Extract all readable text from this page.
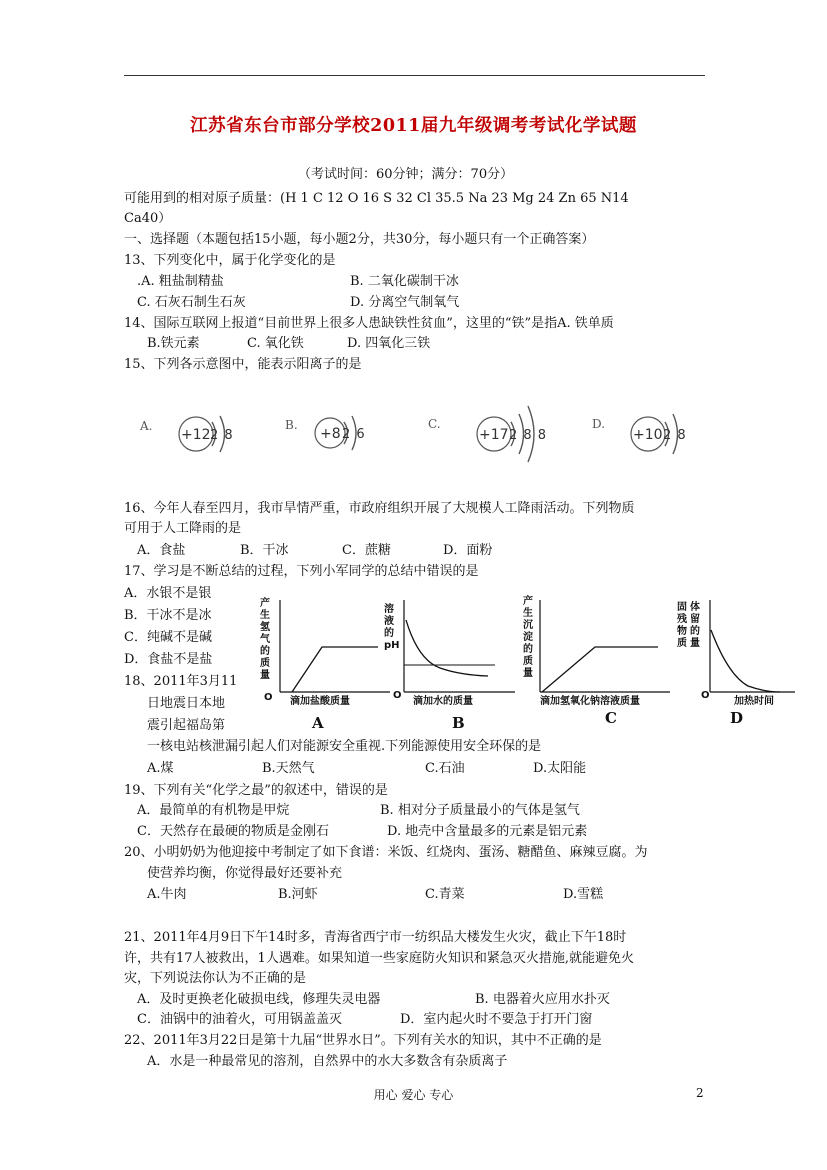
江苏省东台市部分学校2011届九年级调考考试化学试题
（考试时间：60分钟；满分：70分）
可能用到的相对原子质量：(H 1 C 12 O 16 S 32 Cl 35.5 Na 23 Mg 24 Zn 65 N14
Ca40）
一、选择题（本题包括15小题，每小题2分，共30分，每小题只有一个正确答案）
13、下列变化中，属于化学变化的是
.A. 粗盐制精盐	B. 二氧化碳制干冰
C. 石灰石制生石灰	D. 分离空气制氧气
14、国际互联网上报道“目前世界上很多人患缺铁性贫血”，这里的“铁”是指A. 铁单质
B.铁元素	C. 氧化铁	D. 四氧化三铁
15、下列各示意图中，能表示阳离子的是
A.
+12 2 8
B.
+8 2 6
C.
+17 2 8 8
D.
+10 2 8
16、今年人春至四月，我市旱情严重，市政府组织开展了大规模人工降雨活动。下列物质
可用于人工降雨的是
A．食盐	B．干冰	C．蔗糖	D．面粉
17、学习是不断总结的过程，下列小军同学的总结中错误的是
A．水银不是银
B．干冰不是冰
C．纯碱不是碱
D．食盐不是盐
18、2011年3月11
日地震日本地
震引起福岛第
一核电站核泄漏引起人们对能源安全重视.下列能源使用安全环保的是
A.煤	B.天然气	C.石油	D.太阳能
产
生
氢
气
的
质
量
O 滴加盐酸质量
A
溶
液
的
pH
O
滴加水的质量
B
产
生
沉
淀
的
质
量
滴加氢氧化钠溶液质量
C
固
残
物
质
体
留
的
量
O
加热时间
D
19、下列有关“化学之最”的叙述中，错误的是
A．最简单的有机物是甲烷	B. 相对分子质量最小的气体是氢气
C．天然存在最硬的物质是金刚石	D. 地壳中含量最多的元素是铝元素
20、小明奶奶为他迎接中考制定了如下食谱：米饭、红烧肉、蛋汤、糖醋鱼、麻辣豆腐。为
使营养均衡，你觉得最好还要补充
A.牛肉	B.河虾	C.青菜	D.雪糕
21、2011年4月9日下午14时多，青海省西宁市一纺织品大楼发生火灾，截止下午18时
许，共有17人被救出，1人遇难。如果知道一些家庭防火知识和紧急灭火措施,就能避免火
灾，下列说法你认为不正确的是
A．及时更换老化破损电线，修理失灵电器	B. 电器着火应用水扑灭
C．油锅中的油着火，可用锅盖盖灭	D．室内起火时不要急于打开门窗
22、2011年3月22日是第十九届“世界水日”。下列有关水的知识，其中不正确的是
A．水是一种最常见的溶剂，自然界中的水大多数含有杂质离子
用心 爱心 专心	2
